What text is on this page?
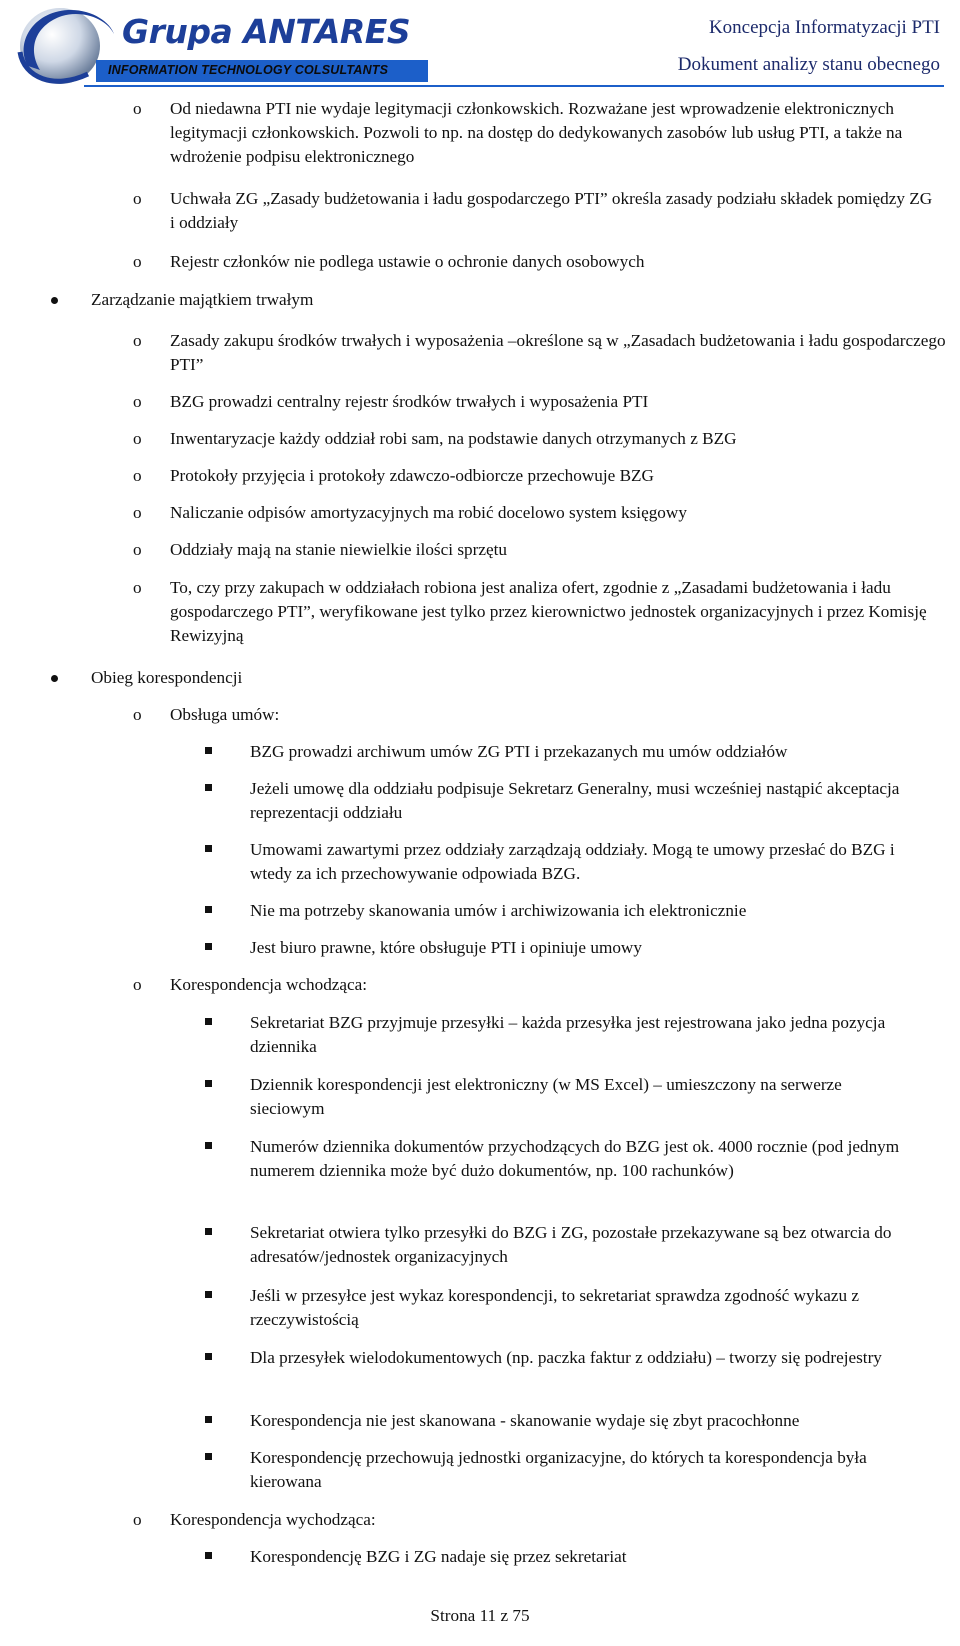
Grupa ANTARES
INFORMATION TECHNOLOGY COLSULTANTS
Koncepcja Informatyzacji PTI
Dokument analizy stanu obecnego
o Od niedawna PTI nie wydaje legitymacji członkowskich. Rozważane jest wprowadzenie elektronicznych legitymacji członkowskich. Pozwoli to np. na dostęp do dedykowanych zasobów lub usług PTI, a także na wdrożenie podpisu elektronicznego
o Uchwała ZG „Zasady budżetowania i ładu gospodarczego PTI” określa zasady podziału składek pomiędzy ZG i oddziały
o Rejestr członków nie podlega ustawie o ochronie danych osobowych
Zarządzanie majątkiem trwałym
o Zasady zakupu środków trwałych i wyposażenia –określone są w „Zasadach budżetowania i ładu gospodarczego PTI”
o BZG prowadzi centralny rejestr środków trwałych i wyposażenia PTI
o Inwentaryzacje każdy oddział robi sam, na podstawie danych otrzymanych z BZG
o Protokoły przyjęcia i protokoły zdawczo-odbiorcze przechowuje BZG
o Naliczanie odpisów amortyzacyjnych ma robić docelowo system księgowy
o Oddziały mają na stanie niewielkie ilości sprzętu
o To, czy przy zakupach w oddziałach robiona jest analiza ofert, zgodnie z „Zasadami budżetowania i ładu gospodarczego PTI”, weryfikowane jest tylko przez kierownictwo jednostek organizacyjnych i przez Komisję Rewizyjną
Obieg korespondencji
o Obsługa umów:
BZG prowadzi archiwum umów ZG PTI i przekazanych mu umów oddziałów
Jeżeli umowę dla oddziału podpisuje Sekretarz Generalny, musi wcześniej nastąpić akceptacja reprezentacji oddziału
Umowami zawartymi przez oddziały zarządzają oddziały. Mogą te umowy przesłać do BZG i wtedy za ich przechowywanie odpowiada BZG.
Nie ma potrzeby skanowania umów i archiwizowania ich elektronicznie
Jest biuro prawne, które obsługuje PTI i opiniuje umowy
o Korespondencja wchodząca:
Sekretariat BZG przyjmuje przesyłki – każda przesyłka jest rejestrowana jako jedna pozycja dziennika
Dziennik korespondencji jest elektroniczny (w MS Excel) – umieszczony na serwerze sieciowym
Numerów dziennika dokumentów przychodzących do BZG jest ok. 4000 rocznie (pod jednym numerem dziennika może być dużo dokumentów, np. 100 rachunków)
Sekretariat otwiera tylko przesyłki do BZG i ZG, pozostałe przekazywane są bez otwarcia do adresatów/jednostek organizacyjnych
Jeśli w przesyłce jest wykaz korespondencji, to sekretariat sprawdza zgodność wykazu z rzeczywistością
Dla przesyłek wielodokumentowych (np. paczka faktur z oddziału) – tworzy się podrejestry
Korespondencja nie jest skanowana - skanowanie wydaje się zbyt pracochłonne
Korespondencję przechowują jednostki organizacyjne, do których ta korespondencja była kierowana
o Korespondencja wychodząca:
Korespondencję BZG i ZG nadaje się przez sekretariat
Strona 11 z 75
